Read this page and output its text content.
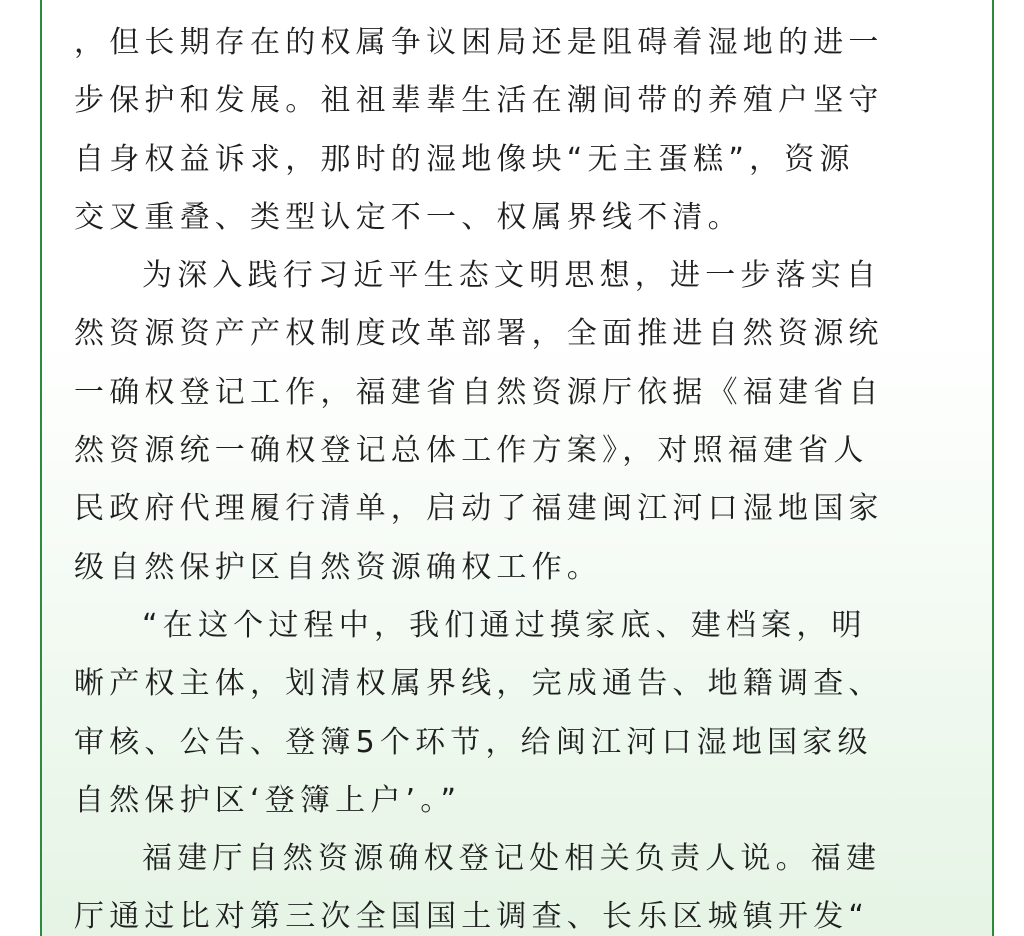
，但长期存在的权属争议困局还是阻碍着湿地的进一
步保护和发展。祖祖辈辈生活在潮间带的养殖户坚守
自身权益诉求，那时的湿地像块“无主蛋糕”，资源
交叉重叠、类型认定不一、权属界线不清。
为深入践行习近平生态文明思想，进一步落实自
然资源资产产权制度改革部署，全面推进自然资源统
一确权登记工作，福建省自然资源厅依据《福建省自
然资源统一确权登记总体工作方案》，对照福建省人
民政府代理履行清单，启动了福建闽江河口湿地国家
级自然保护区自然资源确权工作。
“在这个过程中，我们通过摸家底、建档案，明
晰产权主体，划清权属界线，完成通告、地籍调查、
审核、公告、登簿5个环节，给闽江河口湿地国家级
自然保护区‘登簿上户’。”
福建厅自然资源确权登记处相关负责人说。福建
厅通过比对第三次全国国土调查、长乐区城镇开发“
